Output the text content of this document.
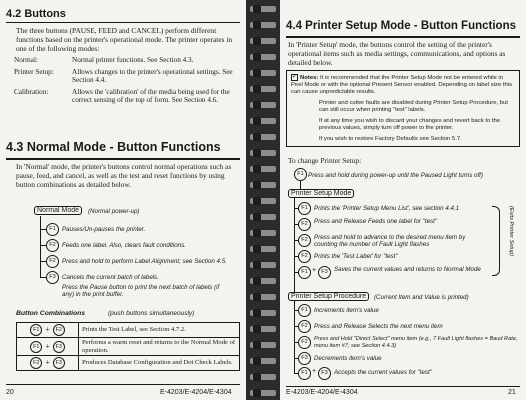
4.2 Buttons
The three buttons (PAUSE, FEED and CANCEL) perform different functions based on the printer's operational mode. The printer operates in one of the following modes:
Normal:	Normal printer functions. See Section 4.3.
Printer Setup:	Allows changes to the printer's operational settings. See Section 4.4.
Calibration:	Allows the 'calibration' of the media being used for the correct sensing of the top of form. See Section 4.6.
4.3 Normal Mode - Button Functions
In 'Normal' mode, the printer's buttons control normal operations such as pause, feed, and cancel, as well as the test and reset functions by using button combinations as detailed below.
Normal Mode	(Normal power-up)
F1	Pauses/Un-pauses the printer.
F2	Feeds one label. Also, clears fault conditions.
F2	Press and hold to perform Label Alignment; see Section 4.5.
F3	Cancels the current batch of labels.
Press the Pause button to print the next batch of labels (if any) in the print buffer.
Button Combinations	(push buttons simultaneously)
F1 + F2	Prints the Test Label, see Section 4.7.2.
F1 + F3	Performs a warm reset and returns to the Normal Mode of operation.
F2 + F3	Produces Database Configuration and Dot Check Labels.
20	E-4203/E-4204/E-4304
4.4 Printer Setup Mode - Button Functions
In 'Printer Setup' mode, the buttons control the setting of the printer's operational items such as media settings, communications, and options as detailed below.

✓ Notes: It is recommended that the Printer Setup Mode not be entered while in Peel Mode or with the optional Present Sensor enabled. Depending on label size this can cause unpredictable results.

Printer and cutter faults are disabled during Printer Setup Procedure, but can still occur when printing "test" labels.

If at any time you wish to discard your changes and revert back to the previous values, simply turn off power to the printer.

If you wish to restore Factory Defaults see Section 5.7.

To change Printer Setup:
F1 Press and hold during power-up until the Paused Light turns off)
Printer Setup Mode
F1	Prints the 'Printer Setup Menu List', see section 4.4.1
F2	Press and Release Feeds one label for "test"
F2	Press and hold to advance to the desired menu item by counting the number of Fault Light flashes
F2	Prints the 'Test Label' for "test"
F1 + F3	Saves the current values and returns to Normal Mode
(Exits Printer Setup)
Printer Setup Procedure	(Current Item and Value is printed)
F1	Increments item's value
F2	Press and Release Selects the next menu item
F2	Press and Hold "Direct Select" menu item (e.g., 7 Fault Light flashes = Baud Rate, menu item #7; see Section 4.4.3)
F3	Decrements item's value
F1 + F3	Accepts the current values for "test"
E-4203/E-4204/E-4304	21
